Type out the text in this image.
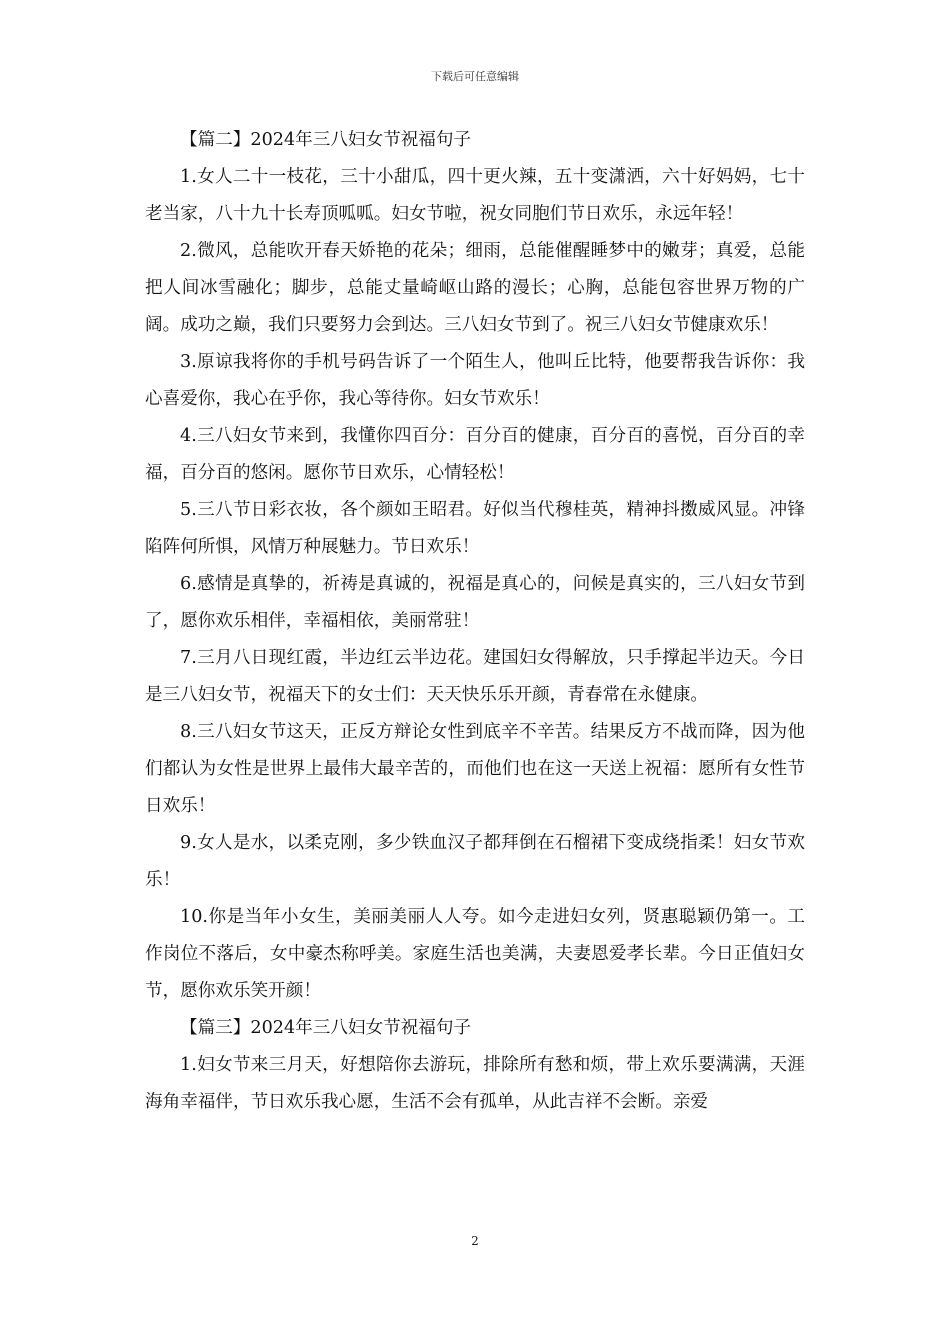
下载后可任意编辑

【篇二】2024年三八妇女节祝福句子

1.女人二十一枝花，三十小甜瓜，四十更火辣，五十变潇洒，六十好妈妈，七十老当家，八十九十长寿顶呱呱。妇女节啦，祝女同胞们节日欢乐，永远年轻！

2.微风，总能吹开春天娇艳的花朵；细雨，总能催醒睡梦中的嫩芽；真爱，总能把人间冰雪融化；脚步，总能丈量崎岖山路的漫长；心胸，总能包容世界万物的广阔。成功之巅，我们只要努力会到达。三八妇女节到了。祝三八妇女节健康欢乐！

3.原谅我将你的手机号码告诉了一个陌生人，他叫丘比特，他要帮我告诉你：我心喜爱你，我心在乎你，我心等待你。妇女节欢乐！

4.三八妇女节来到，我懂你四百分：百分百的健康，百分百的喜悦，百分百的幸福，百分百的悠闲。愿你节日欢乐，心情轻松！

5.三八节日彩衣妆，各个颜如王昭君。好似当代穆桂英，精神抖擞威风显。冲锋陷阵何所惧，风情万种展魅力。节日欢乐！

6.感情是真挚的，祈祷是真诚的，祝福是真心的，问候是真实的，三八妇女节到了，愿你欢乐相伴，幸福相依，美丽常驻！

7.三月八日现红霞，半边红云半边花。建国妇女得解放，只手撑起半边天。今日是三八妇女节，祝福天下的女士们：天天快乐乐开颜，青春常在永健康。

8.三八妇女节这天，正反方辩论女性到底辛不辛苦。结果反方不战而降，因为他们都认为女性是世界上最伟大最辛苦的，而他们也在这一天送上祝福：愿所有女性节日欢乐！

9.女人是水，以柔克刚，多少铁血汉子都拜倒在石榴裙下变成绕指柔！妇女节欢乐！

10.你是当年小女生，美丽美丽人人夸。如今走进妇女列，贤惠聪颖仍第一。工作岗位不落后，女中豪杰称呼美。家庭生活也美满，夫妻恩爱孝长辈。今日正值妇女节，愿你欢乐笑开颜！

【篇三】2024年三八妇女节祝福句子

1.妇女节来三月天，好想陪你去游玩，排除所有愁和烦，带上欢乐要满满，天涯海角幸福伴，节日欢乐我心愿，生活不会有孤单，从此吉祥不会断。亲爱

2
